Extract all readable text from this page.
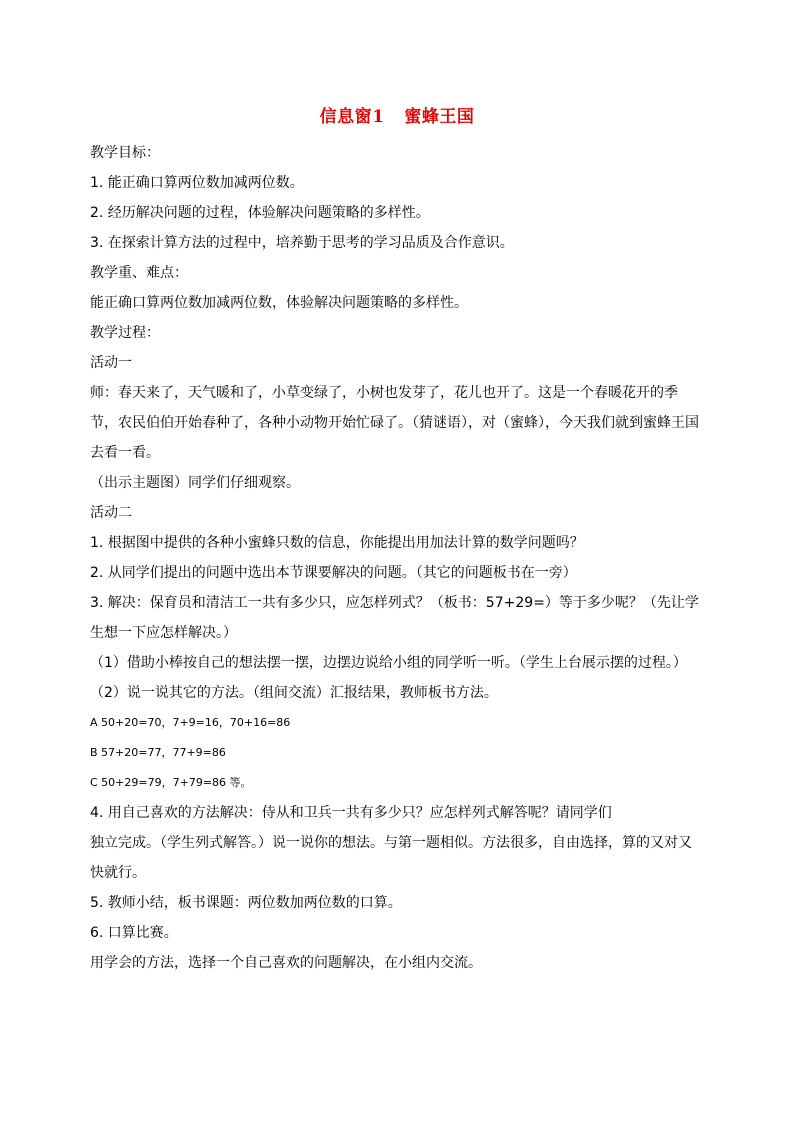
信息窗1 蜜蜂王国

教学目标：

1. 能正确口算两位数加减两位数。

2. 经历解决问题的过程，体验解决问题策略的多样性。

3. 在探索计算方法的过程中，培养勤于思考的学习品质及合作意识。

教学重、难点：

能正确口算两位数加减两位数，体验解决问题策略的多样性。

教学过程：

活动一

师：春天来了，天气暖和了，小草变绿了，小树也发芽了，花儿也开了。这是一个春暖花开的季节，农民伯伯开始春种了，各种小动物开始忙碌了。（猜谜语），对（蜜蜂），今天我们就到蜜蜂王国去看一看。

（出示主题图）同学们仔细观察。

活动二

1. 根据图中提供的各种小蜜蜂只数的信息，你能提出用加法计算的数学问题吗？

2. 从同学们提出的问题中选出本节课要解决的问题。（其它的问题板书在一旁）

3. 解决：保育员和清洁工一共有多少只，应怎样列式？（板书：57+29=）等于多少呢？（先让学生想一下应怎样解决。）

（1）借助小棒按自己的想法摆一摆，边摆边说给小组的同学听一听。（学生上台展示摆的过程。）

（2）说一说其它的方法。（组间交流）汇报结果，教师板书方法。

A 50+20=70，7+9=16，70+16=86

B 57+20=77，77+9=86

C 50+29=79，7+79=86 等。

4. 用自己喜欢的方法解决：侍从和卫兵一共有多少只？应怎样列式解答呢？请同学们

独立完成。（学生列式解答。）说一说你的想法。与第一题相似。方法很多，自由选择，算的又对又快就行。

5. 教师小结，板书课题：两位数加两位数的口算。

6. 口算比赛。

用学会的方法，选择一个自己喜欢的问题解决，在小组内交流。
